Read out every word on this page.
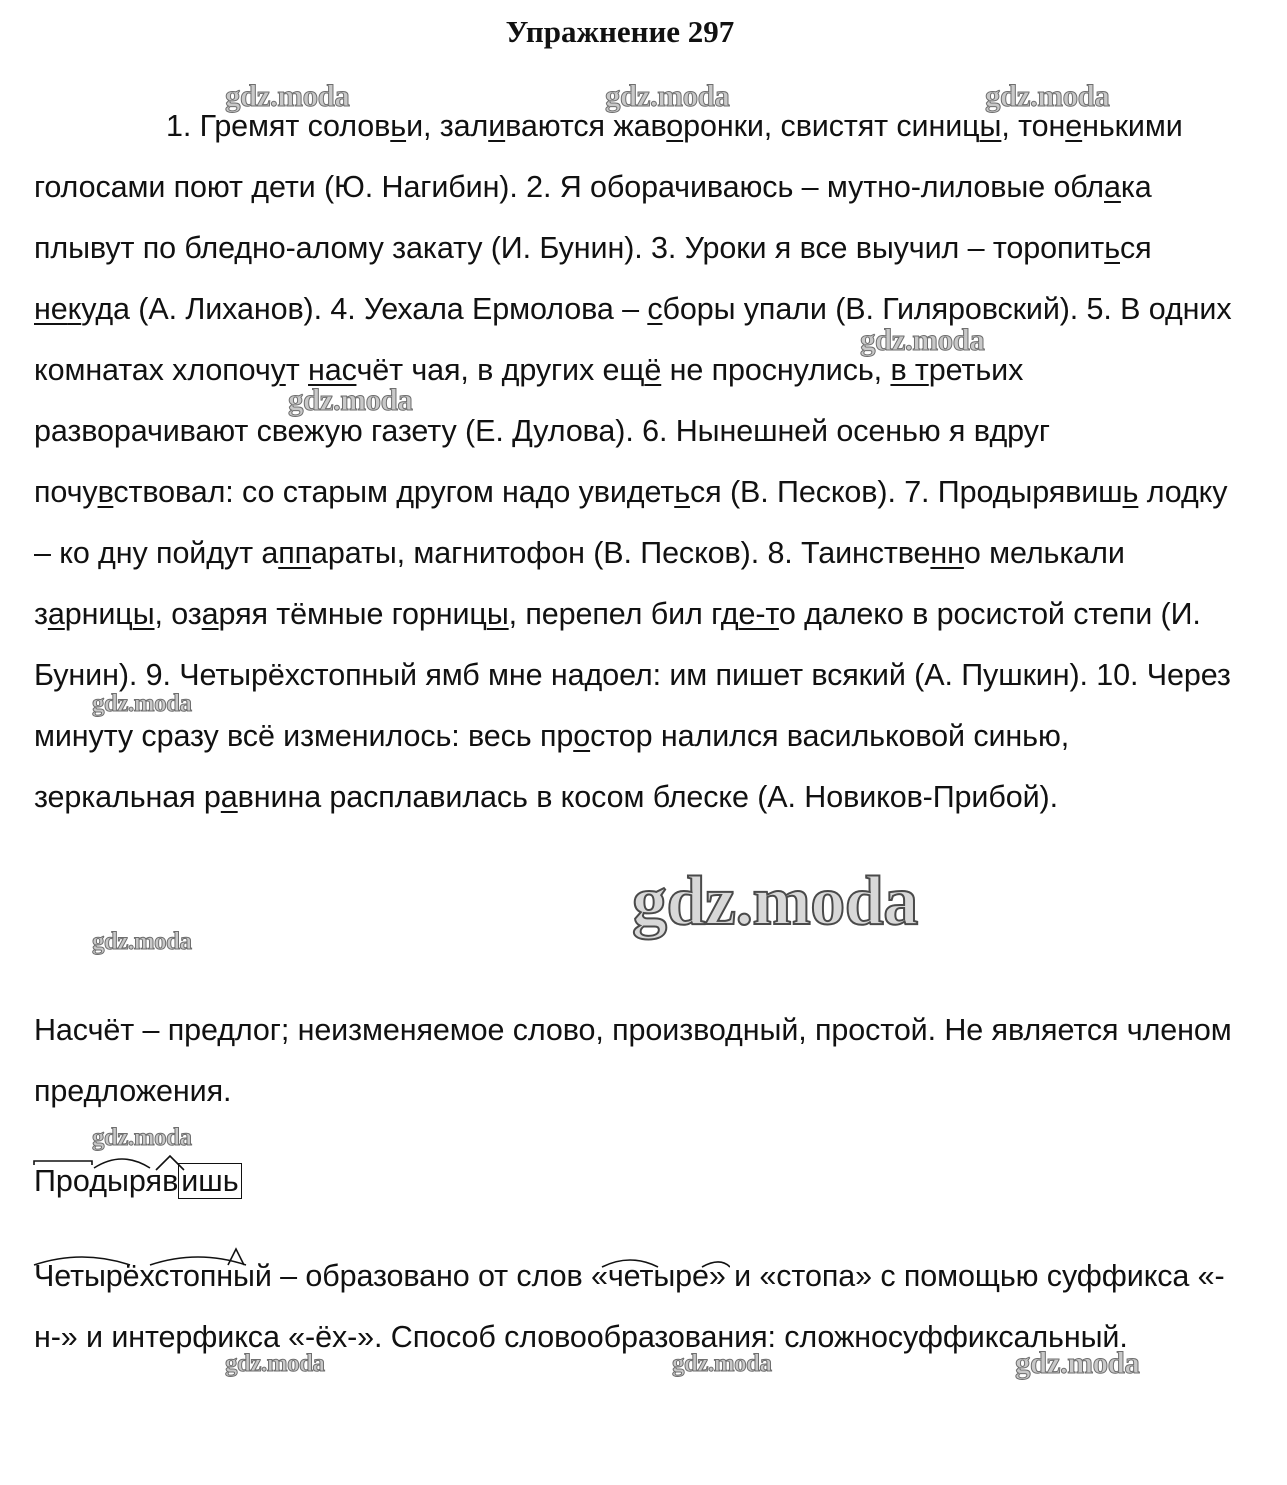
Упражнение 297
gdz.moda	gdz.moda	gdz.moda
gdz.moda
gdz.moda
gdz.moda
gdz.moda
gdz.moda
gdz.moda
gdz.moda	gdz.moda	gdz.moda

1. Гремят соловьи, заливаются жаворонки, свистят синицы, тоненькими голосами поют дети (Ю. Нагибин). 2. Я оборачиваюсь – мутно-лиловые облака плывут по бледно-алому закату (И. Бунин). 3. Уроки я все выучил – торопиться некуда (А. Лиханов). 4. Уехала Ермолова – сборы упали (В. Гиляровский). 5. В одних комнатах хлопочут насчёт чая, в других ещё не проснулись, в третьих разворачивают свежую газету (Е. Дулова). 6. Нынешней осенью я вдруг почувствовал: со старым другом надо увидеться (В. Песков). 7. Продырявишь лодку – ко дну пойдут аппараты, магнитофон (В. Песков). 8. Таинственно мелькали зарницы, озаряя тёмные горницы, перепел бил где-то далеко в росистой степи (И. Бунин). 9. Четырёхстопный ямб мне надоел: им пишет всякий (А. Пушкин). 10. Через минуту сразу всё изменилось: весь простор налился васильковой синью, зеркальная равнина расплавилась в косом блеске (А. Новиков-Прибой).

Насчёт – предлог; неизменяемое слово, производный, простой. Не является членом предложения.

Продырявишь

Четырёхстопный – образовано от слов «четыре» и «стопа» с помощью суффикса «-н-» и интерфикса «-ёх-». Способ словообразования: сложносуффиксальный.
